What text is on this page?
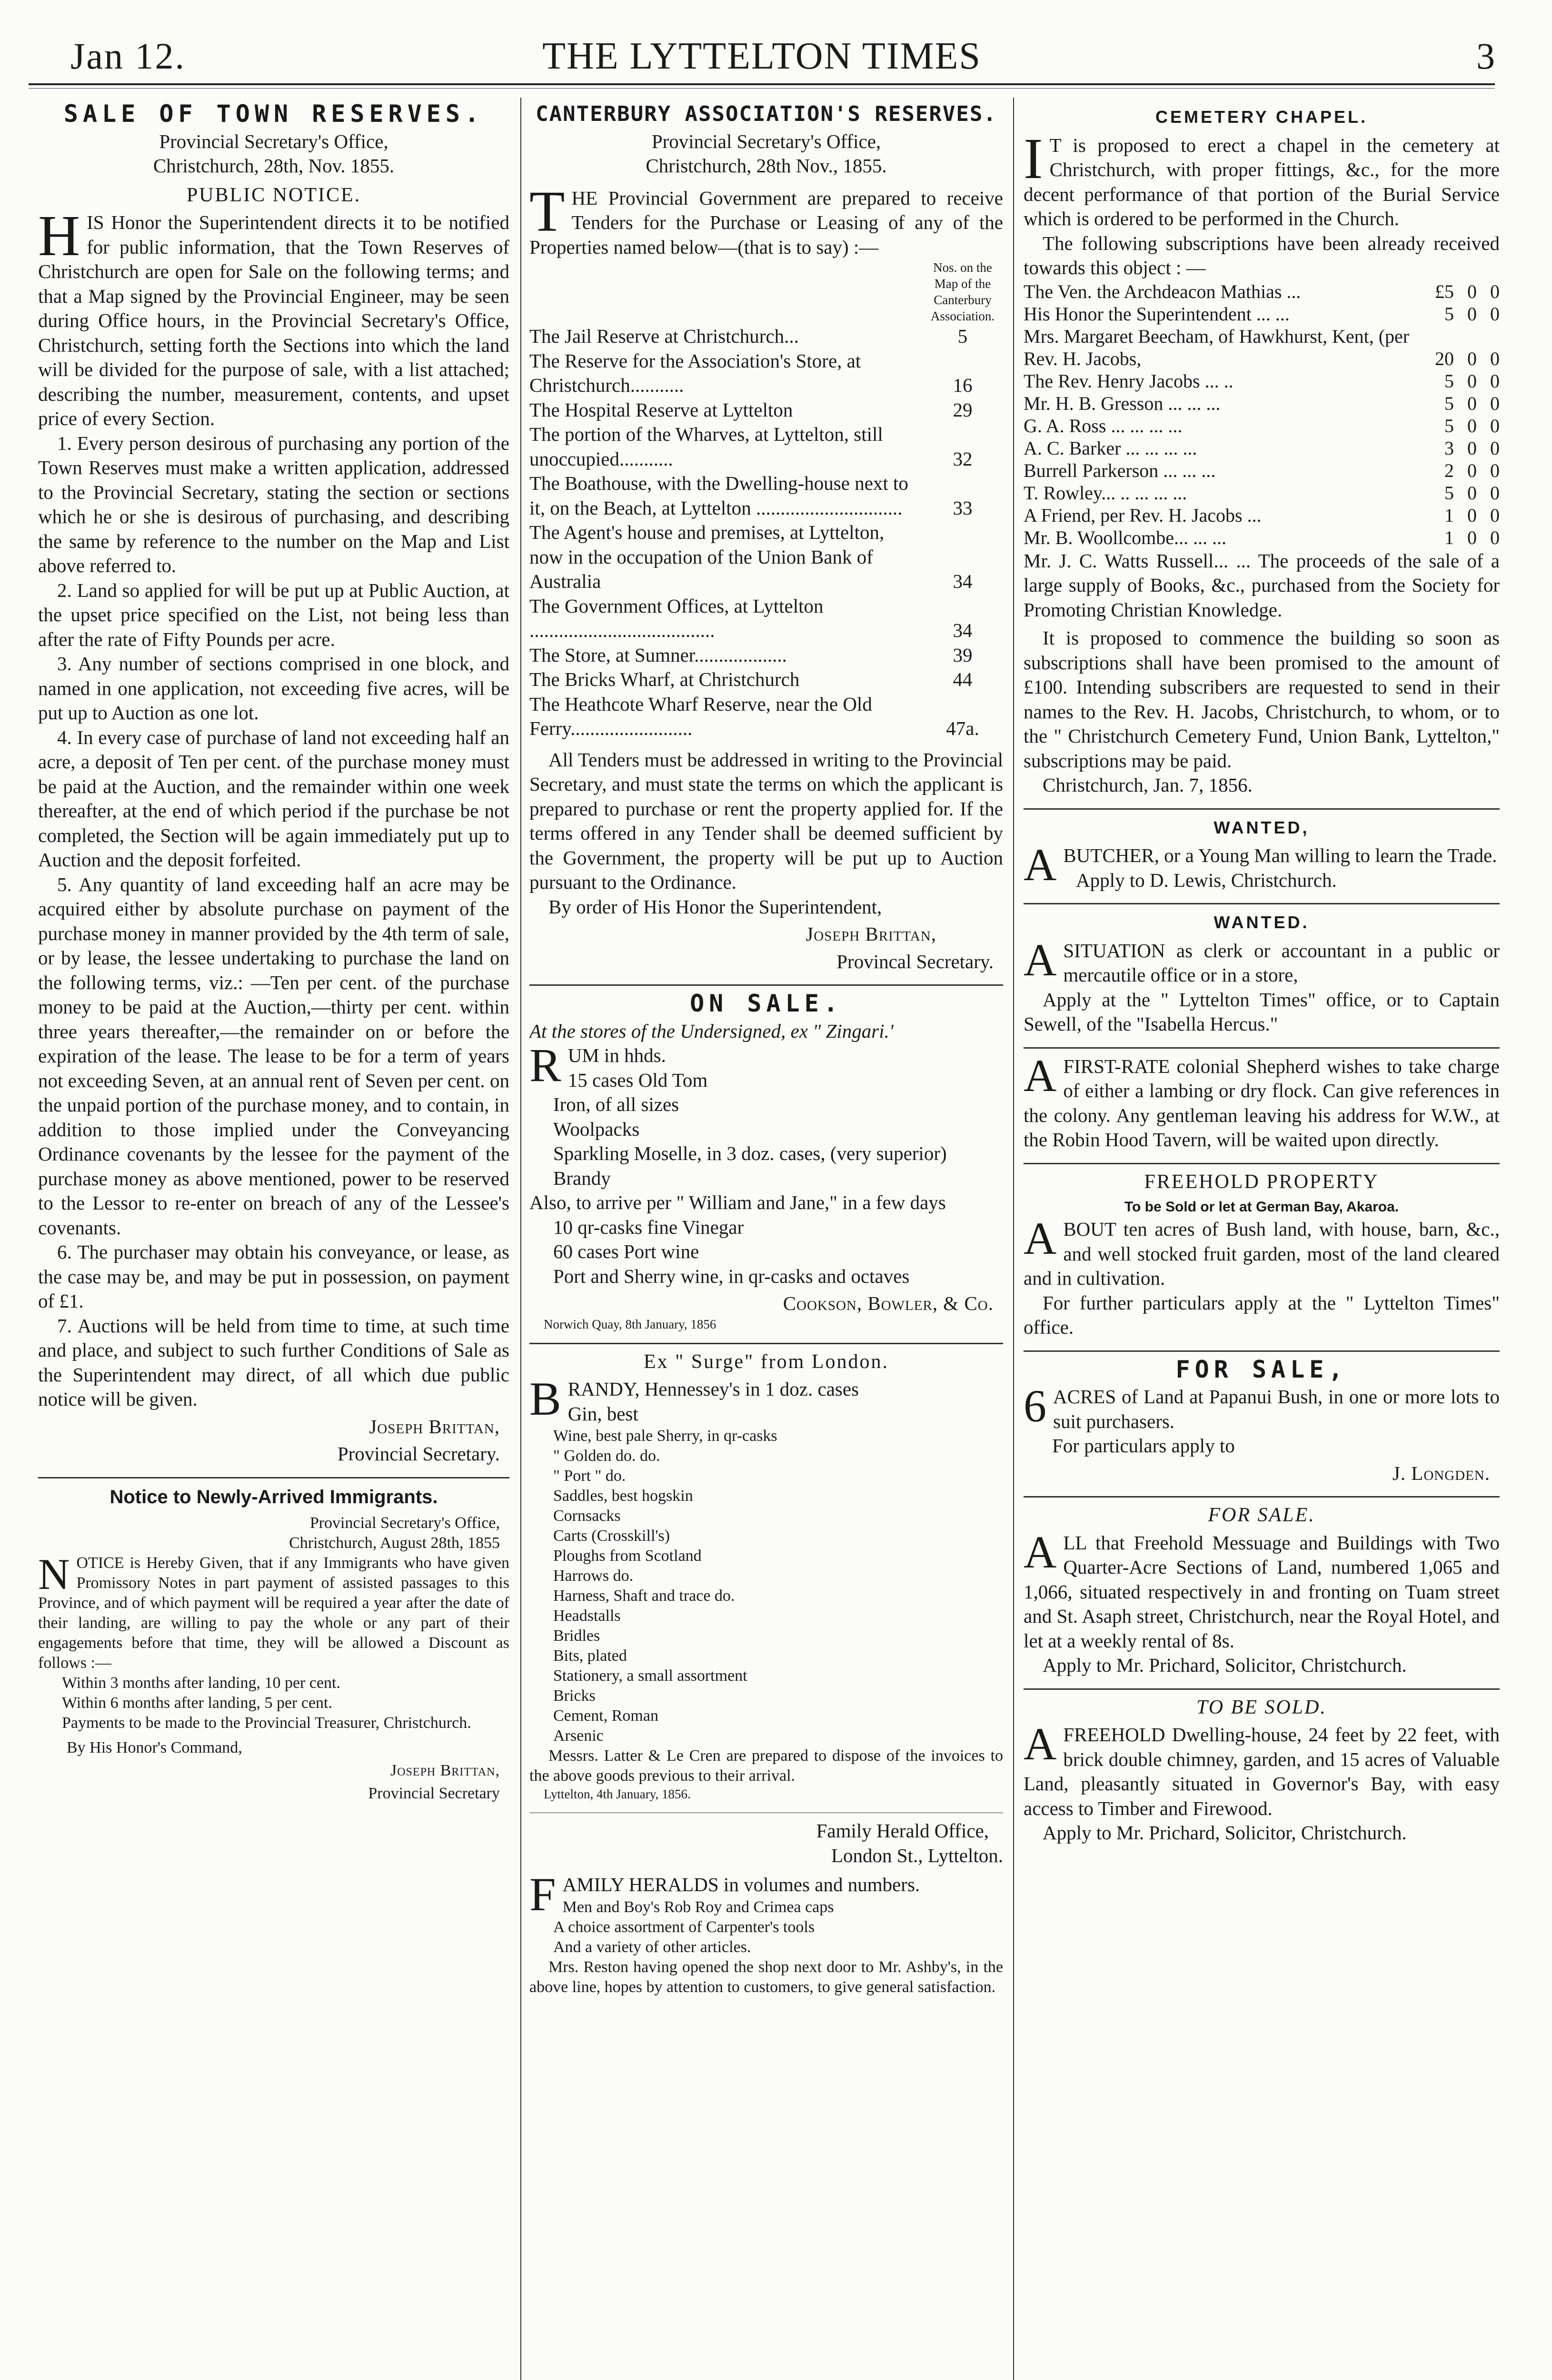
Jan 12.	THE LYTTELTON TIMES	3
SALE OF TOWN RESERVES.
Provincial Secretary's Office,
Christchurch, 28th, Nov. 1855.
PUBLIC NOTICE.

HIS Honor the Superintendent directs it to be notified for public information, that the Town Reserves of Christchurch are open for Sale on the following terms; and that a Map signed by the Provincial Engineer, may be seen during Office hours, in the Provincial Secretary's Office, Christchurch, setting forth the Sections into which the land will be divided for the purpose of sale, with a list attached; describing the number, measurement, contents, and upset price of every Section.

1. Every person desirous of purchasing any portion of the Town Reserves must make a written application, addressed to the Provincial Secretary, stating the section or sections which he or she is desirous of purchasing, and describing the same by reference to the number on the Map and List above referred to.

2. Land so applied for will be put up at Public Auction, at the upset price specified on the List, not being less than after the rate of Fifty Pounds per acre.

3. Any number of sections comprised in one block, and named in one application, not exceeding five acres, will be put up to Auction as one lot.

4. In every case of purchase of land not exceeding half an acre, a deposit of Ten per cent. of the purchase money must be paid at the Auction, and the remainder within one week thereafter, at the end of which period if the purchase be not completed, the Section will be again immediately put up to Auction and the deposit forfeited.

5. Any quantity of land exceeding half an acre may be acquired either by absolute purchase on payment of the purchase money in manner provided by the 4th term of sale, or by lease, the lessee undertaking to purchase the land on the following terms, viz.: —Ten per cent. of the purchase money to be paid at the Auction,—thirty per cent. within three years thereafter,—the remainder on or before the expiration of the lease. The lease to be for a term of years not exceeding Seven, at an annual rent of Seven per cent. on the unpaid portion of the purchase money, and to contain, in addition to those implied under the Conveyancing Ordinance covenants by the lessee for the payment of the purchase money as above mentioned, power to be reserved to the Lessor to re-enter on breach of any of the Lessee's covenants.

6. The purchaser may obtain his conveyance, or lease, as the case may be, and may be put in possession, on payment of £1.

7. Auctions will be held from time to time, at such time and place, and subject to such further Conditions of Sale as the Superintendent may direct, of all which due public notice will be given.

Joseph Brittan,
Provincial Secretary.
Notice to Newly-Arrived Immigrants.
Provincial Secretary's Office,
Christchurch, August 28th, 1855

NOTICE is Hereby Given, that if any Immigrants who have given Promissory Notes in part payment of assisted passages to this Province, and of which payment will be required a year after the date of their landing, are willing to pay the whole or any part of their engagements before that time, they will be allowed a Discount as follows :—

Within 3 months after landing, 10 per cent.
Within 6 months after landing, 5 per cent.
Payments to be made to the Provincial Treasurer, Christchurch.
By His Honor's Command,
Joseph Brittan,
Provincial Secretary
CANTERBURY ASSOCIATION'S RESERVES.
Provincial Secretary's Office,
Christchurch, 28th Nov., 1855.

THE Provincial Government are prepared to receive Tenders for the Purchase or Leasing of any of the Properties named below—(that is to say) :—

Nos. on the Map of the Canterbury Association.
The Jail Reserve at Christchurch...	5
The Reserve for the Association's Store, at Christchurch...........	16
The Hospital Reserve at Lyttelton	29
The portion of the Wharves, at Lyttelton, still unoccupied...........	32
The Boathouse, with the Dwelling-house next to it, on the Beach, at Lyttelton ..............................	33
The Agent's house and premises, at Lyttelton, now in the occupation of the Union Bank of Australia	34
The Government Offices, at Lyttelton ......................................	34
The Store, at Sumner...................	39
The Bricks Wharf, at Christchurch	44
The Heathcote Wharf Reserve, near the Old Ferry.........................	47a.

All Tenders must be addressed in writing to the Provincial Secretary, and must state the terms on which the applicant is prepared to purchase or rent the property applied for. If the terms offered in any Tender shall be deemed sufficient by the Government, the property will be put up to Auction pursuant to the Ordinance.

By order of His Honor the Superintendent,

Joseph Brittan,
Provincal Secretary.
ON SALE.
At the stores of the Undersigned, ex " Zingari.'

RUM in hhds.

15 cases Old Tom
Iron, of all sizes
Woolpacks
Sparkling Moselle, in 3 doz. cases, (very superior)
Brandy
Also, to arrive per " William and Jane," in a few days
10 qr-casks fine Vinegar
60 cases Port wine
Port and Sherry wine, in qr-casks and octaves
Cookson, Bowler, & Co.
Norwich Quay, 8th January, 1856
Ex " Surge" from London.

BRANDY, Hennessey's in 1 doz. cases
Gin, best

Wine, best pale Sherry, in qr-casks
" Golden do. do.
" Port " do.
Saddles, best hogskin
Cornsacks
Carts (Crosskill's)
Ploughs from Scotland
Harrows do.
Harness, Shaft and trace do.
Headstalls
Bridles
Bits, plated
Stationery, a small assortment
Bricks
Cement, Roman
Arsenic

Messrs. Latter & Le Cren are prepared to dispose of the invoices to the above goods previous to their arrival.

Lyttelton, 4th January, 1856.
Family Herald Office,
London St., Lyttelton.

FAMILY HERALDS in volumes and numbers.

Men and Boy's Rob Roy and Crimea caps
A choice assortment of Carpenter's tools
And a variety of other articles.

Mrs. Reston having opened the shop next door to Mr. Ashby's, in the above line, hopes by attention to customers, to give general satisfaction.

CEMETERY CHAPEL.

I T is proposed to erect a chapel in the cemetery at Christchurch, with proper fittings, &c., for the more decent performance of that portion of the Burial Service which is ordered to be performed in the Church.

The following subscriptions have been already received towards this object : —

The Ven. the Archdeacon Mathias ...	£5	0	0
His Honor the Superintendent ... ...	5	0	0
Mrs. Margaret Beecham, of Hawkhurst, Kent, (per Rev. H. Jacobs,	20	0	0
The Rev. Henry Jacobs ... ..	5	0	0
Mr. H. B. Gresson ... ... ...	5	0	0
G. A. Ross ... ... ... ...	5	0	0
A. C. Barker ... ... ... ...	3	0	0
Burrell Parkerson ... ... ...	2	0	0
T. Rowley... .. ... ... ...	5	0	0
A Friend, per Rev. H. Jacobs ...	1	0	0
Mr. B. Woollcombe... ... ...	1	0	0

Mr. J. C. Watts Russell... ... The proceeds of the sale of a large supply of Books, &c., purchased from the Society for Promoting Christian Knowledge.

It is proposed to commence the building so soon as subscriptions shall have been promised to the amount of £100. Intending subscribers are requested to send in their names to the Rev. H. Jacobs, Christchurch, to whom, or to the " Christchurch Cemetery Fund, Union Bank, Lyttelton," subscriptions may be paid.

Christchurch, Jan. 7, 1856.
WANTED,

ABUTCHER, or a Young Man willing to learn the Trade.

Apply to D. Lewis, Christchurch.
WANTED.

ASITUATION as clerk or accountant in a public or mercautile office or in a store,

Apply at the " Lyttelton Times" office, or to Captain Sewell, of the "Isabella Hercus."

AFIRST-RATE colonial Shepherd wishes to take charge of either a lambing or dry flock. Can give references in the colony. Any gentleman leaving his address for W.W., at the Robin Hood Tavern, will be waited upon directly.

FREEHOLD PROPERTY
To be Sold or let at German Bay, Akaroa.

ABOUT ten acres of Bush land, with house, barn, &c., and well stocked fruit garden, most of the land cleared and in cultivation.

For further particulars apply at the " Lyttelton Times" office.

FOR SALE,

6 ACRES of Land at Papanui Bush, in one or more lots to suit purchasers.

For particulars apply to
J. Longden.
FOR SALE.

ALL that Freehold Messuage and Buildings with Two Quarter-Acre Sections of Land, numbered 1,065 and 1,066, situated respectively in and fronting on Tuam street and St. Asaph street, Christchurch, near the Royal Hotel, and let at a weekly rental of 8s.

Apply to Mr. Prichard, Solicitor, Christchurch.

TO BE SOLD.

AFREEHOLD Dwelling-house, 24 feet by 22 feet, with brick double chimney, garden, and 15 acres of Valuable Land, pleasantly situated in Governor's Bay, with easy access to Timber and Firewood.

Apply to Mr. Prichard, Solicitor, Christchurch.
